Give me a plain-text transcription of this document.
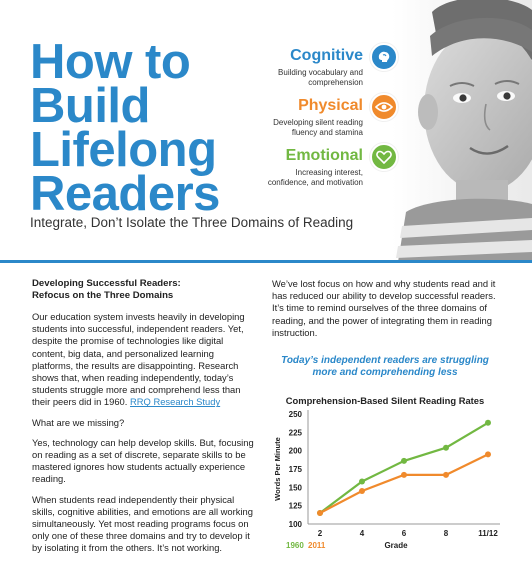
How to
Build
Lifelong
Readers
Cognitive
Building vocabulary and
comprehension
Physical
Developing silent reading
fluency and stamina
Emotional
Increasing interest,
confidence, and motivation
Integrate, Don’t Isolate the Three Domains of Reading
Developing Successful Readers:
Refocus on the Three Domains

Our education system invests heavily in developing students into successful, independent readers. Yet, despite the promise of technologies like digital content, big data, and personalized learning platforms, the results are disappointing. Research shows that, when reading independently, today’s students struggle more and comprehend less than their peers did in 1960. RRQ Research Study

What are we missing?

Yes, technology can help develop skills. But, focusing on reading as a set of discrete, separate skills to be mastered ignores how students actually experience reading.

When students read independently their physical skills, cognitive abilities, and emotions are all working simultaneously. Yet most reading programs focus on only one of these three domains and try to develop it by isolating it from the others. It’s not working.

We’ve lost focus on how and why students read and it has reduced our ability to develop successful readers. It’s time to remind ourselves of the three domains of reading, and the power of integrating them in reading instruction.

Today’s independent readers are struggling
more and comprehending less
Comprehension-Based Silent Reading Rates
100
125
150
175
200
225
250
2	4	6	8	11/12
Words Per Minute
Grade
1960 2011
